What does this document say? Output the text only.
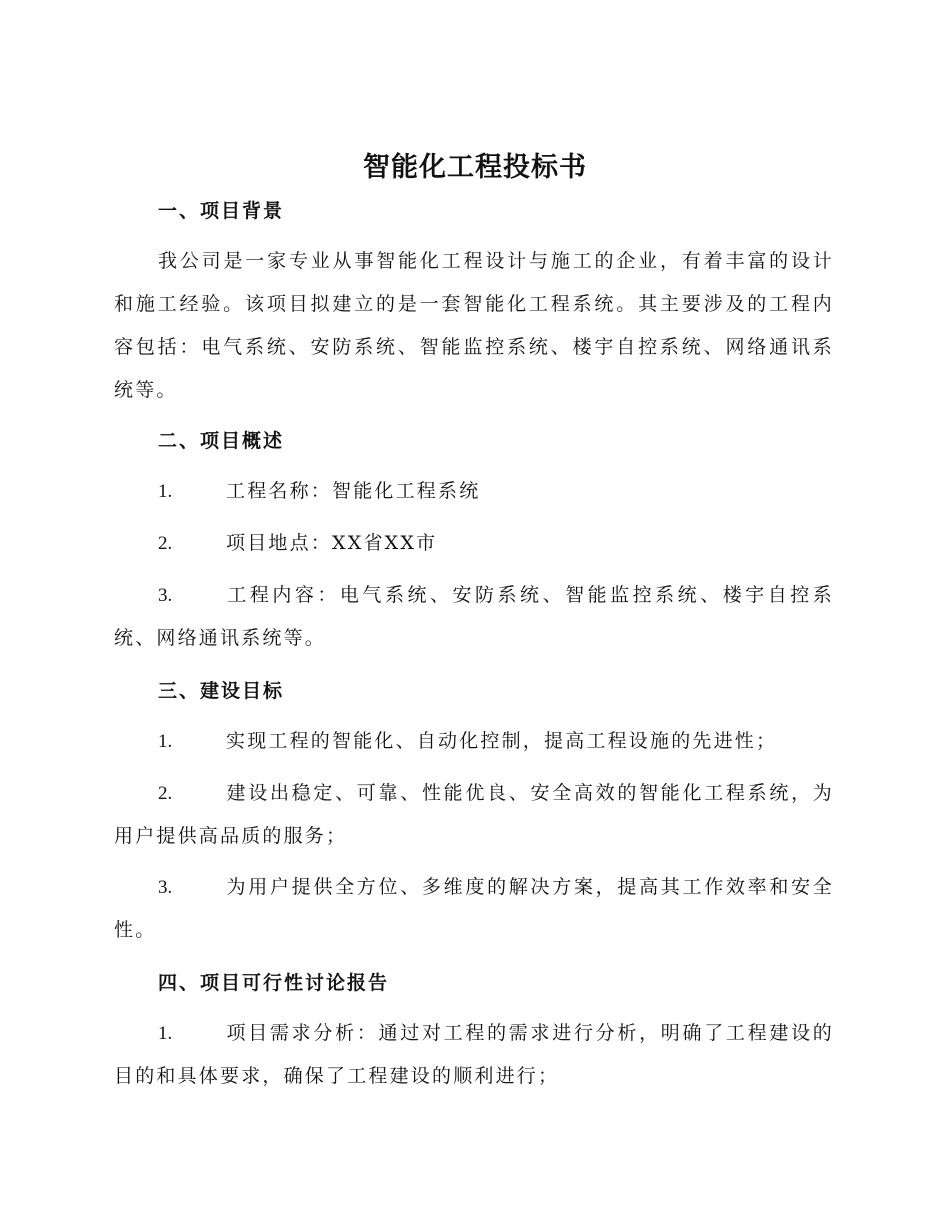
智能化工程投标书
一、项目背景

我公司是一家专业从事智能化工程设计与施工的企业，有着丰富的设计和施工经验。该项目拟建立的是一套智能化工程系统。其主要涉及的工程内容包括：电气系统、安防系统、智能监控系统、楼宇自控系统、网络通讯系统等。

二、项目概述

1.	工程名称：智能化工程系统

2.	项目地点：XX省XX市

3.	工程内容：电气系统、安防系统、智能监控系统、楼宇自控系统、网络通讯系统等。

三、建设目标

1.	实现工程的智能化、自动化控制，提高工程设施的先进性；

2.	建设出稳定、可靠、性能优良、安全高效的智能化工程系统，为用户提供高品质的服务；

3.	为用户提供全方位、多维度的解决方案，提高其工作效率和安全性。

四、项目可行性讨论报告

1.	项目需求分析：通过对工程的需求进行分析，明确了工程建设的目的和具体要求，确保了工程建设的顺利进行；
